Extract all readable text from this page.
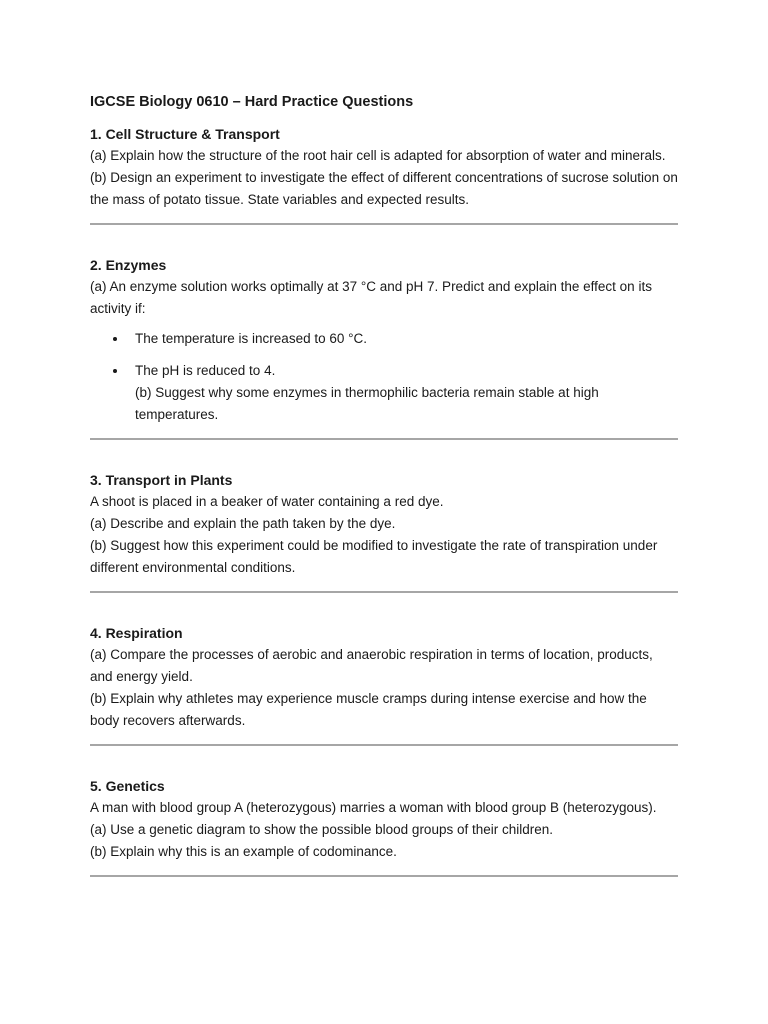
IGCSE Biology 0610 – Hard Practice Questions
1. Cell Structure & Transport

(a) Explain how the structure of the root hair cell is adapted for absorption of water and minerals.

(b) Design an experiment to investigate the effect of different concentrations of sucrose solution on the mass of potato tissue. State variables and expected results.

2. Enzymes

(a) An enzyme solution works optimally at 37 °C and pH 7. Predict and explain the effect on its activity if:

The temperature is increased to 60 °C.
The pH is reduced to 4.
(b) Suggest why some enzymes in thermophilic bacteria remain stable at high temperatures.
3. Transport in Plants

A shoot is placed in a beaker of water containing a red dye.

(a) Describe and explain the path taken by the dye.

(b) Suggest how this experiment could be modified to investigate the rate of transpiration under different environmental conditions.

4. Respiration

(a) Compare the processes of aerobic and anaerobic respiration in terms of location, products, and energy yield.

(b) Explain why athletes may experience muscle cramps during intense exercise and how the body recovers afterwards.

5. Genetics

A man with blood group A (heterozygous) marries a woman with blood group B (heterozygous).

(a) Use a genetic diagram to show the possible blood groups of their children.

(b) Explain why this is an example of codominance.
